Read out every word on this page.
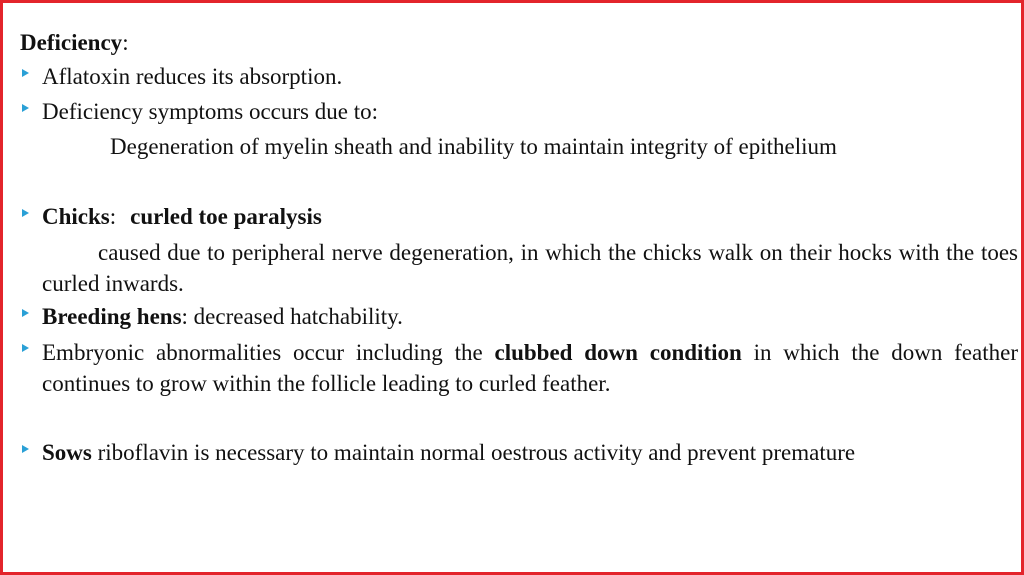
Deficiency:
Aflatoxin reduces its absorption.
Deficiency symptoms occurs due to:
Degeneration of myelin sheath and inability to maintain integrity of epithelium
Chicks: curled toe paralysis
caused due to peripheral nerve degeneration, in which the chicks walk on their hocks with the toes curled inwards.
Breeding hens: decreased hatchability.
Embryonic abnormalities occur including the clubbed down condition in which the down feather continues to grow within the follicle leading to curled feather.
Sows riboflavin is necessary to maintain normal oestrous activity and prevent premature
